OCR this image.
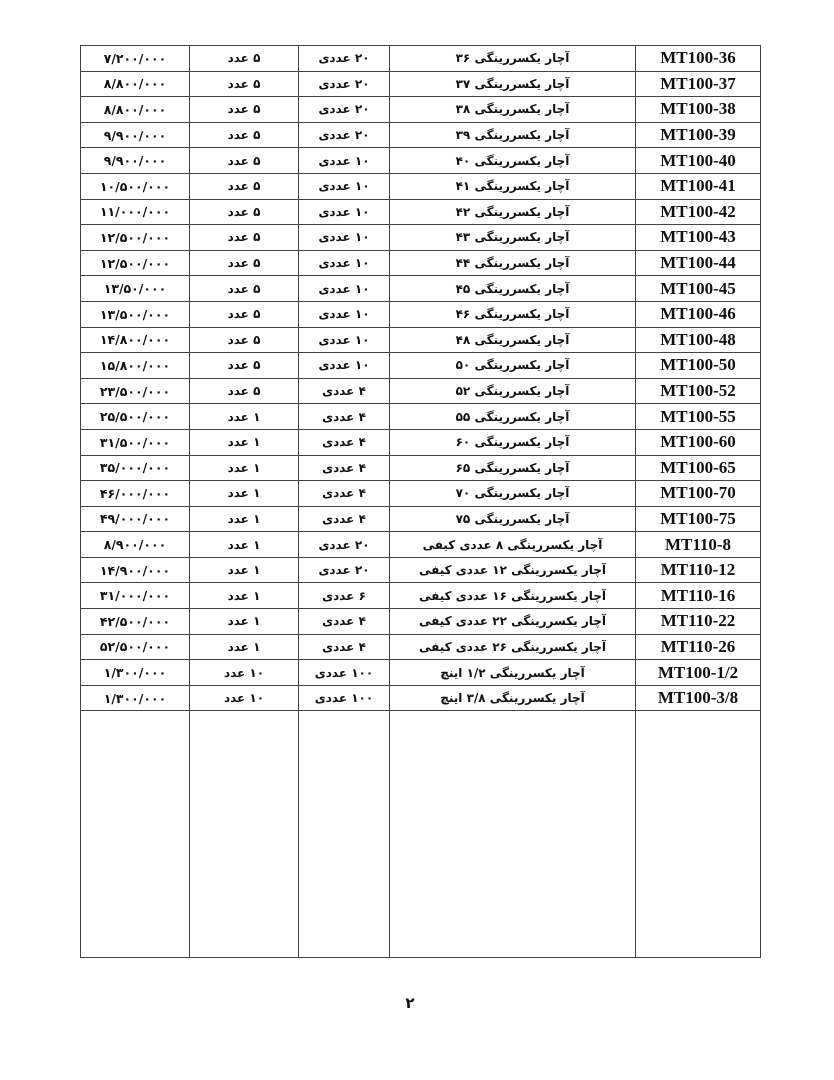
۷/۲۰۰/۰۰۰	۵ عدد	۲۰ عددی	آچار یکسررینگی ۳۶	MT100-36
۸/۸۰۰/۰۰۰	۵ عدد	۲۰ عددی	آچار یکسررینگی ۳۷	MT100-37
۸/۸۰۰/۰۰۰	۵ عدد	۲۰ عددی	آچار یکسررینگی ۳۸	MT100-38
۹/۹۰۰/۰۰۰	۵ عدد	۲۰ عددی	آچار یکسررینگی ۳۹	MT100-39
۹/۹۰۰/۰۰۰	۵ عدد	۱۰ عددی	آچار یکسررینگی ۴۰	MT100-40
۱۰/۵۰۰/۰۰۰	۵ عدد	۱۰ عددی	آچار یکسررینگی ۴۱	MT100-41
۱۱/۰۰۰/۰۰۰	۵ عدد	۱۰ عددی	آچار یکسررینگی ۴۲	MT100-42
۱۲/۵۰۰/۰۰۰	۵ عدد	۱۰ عددی	آچار یکسررینگی ۴۳	MT100-43
۱۲/۵۰۰/۰۰۰	۵ عدد	۱۰ عددی	آچار یکسررینگی ۴۴	MT100-44
۱۳/۵۰/۰۰۰	۵ عدد	۱۰ عددی	آچار یکسررینگی ۴۵	MT100-45
۱۳/۵۰۰/۰۰۰	۵ عدد	۱۰ عددی	آچار یکسررینگی ۴۶	MT100-46
۱۴/۸۰۰/۰۰۰	۵ عدد	۱۰ عددی	آچار یکسررینگی ۴۸	MT100-48
۱۵/۸۰۰/۰۰۰	۵ عدد	۱۰ عددی	آچار یکسررینگی ۵۰	MT100-50
۲۳/۵۰۰/۰۰۰	۵ عدد	۴ عددی	آچار یکسررینگی ۵۲	MT100-52
۲۵/۵۰۰/۰۰۰	۱ عدد	۴ عددی	آچار یکسررینگی ۵۵	MT100-55
۳۱/۵۰۰/۰۰۰	۱ عدد	۴ عددی	آچار یکسررینگی ۶۰	MT100-60
۳۵/۰۰۰/۰۰۰	۱ عدد	۴ عددی	آچار یکسررینگی ۶۵	MT100-65
۴۶/۰۰۰/۰۰۰	۱ عدد	۴ عددی	آچار یکسررینگی ۷۰	MT100-70
۴۹/۰۰۰/۰۰۰	۱ عدد	۴ عددی	آچار یکسررینگی ۷۵	MT100-75
۸/۹۰۰/۰۰۰	۱ عدد	۲۰ عددی	آچار یکسررینگی ۸ عددی کیفی	MT110-8
۱۴/۹۰۰/۰۰۰	۱ عدد	۲۰ عددی	آچار یکسررینگی ۱۲ عددی کیفی	MT110-12
۳۱/۰۰۰/۰۰۰	۱ عدد	۶ عددی	آچار یکسررینگی ۱۶ عددی کیفی	MT110-16
۴۲/۵۰۰/۰۰۰	۱ عدد	۴ عددی	آچار یکسررینگی ۲۲ عددی کیفی	MT110-22
۵۲/۵۰۰/۰۰۰	۱ عدد	۴ عددی	آچار یکسررینگی ۲۶ عددی کیفی	MT110-26
۱/۳۰۰/۰۰۰	۱۰ عدد	۱۰۰ عددی	آچار یکسررینگی ۱/۲ اینچ	MT100-1/2
۱/۳۰۰/۰۰۰	۱۰ عدد	۱۰۰ عددی	آچار یکسررینگی ۳/۸ اینچ	MT100-3/8

۲
